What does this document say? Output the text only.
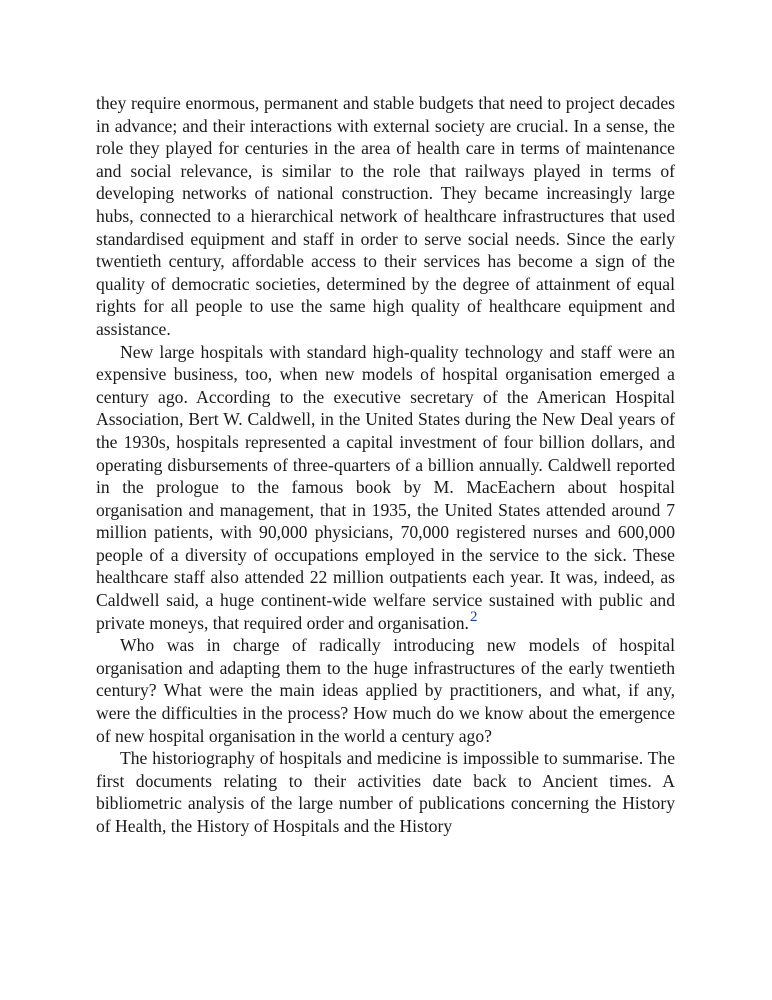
they require enormous, permanent and stable budgets that need to project decades in advance; and their interactions with external society are crucial. In a sense, the role they played for centuries in the area of health care in terms of maintenance and social relevance, is similar to the role that railways played in terms of developing networks of national construction. They became increasingly large hubs, connected to a hierarchical network of healthcare infrastructures that used standardised equipment and staff in order to serve social needs. Since the early twentieth century, affordable access to their services has become a sign of the quality of democratic societies, determined by the degree of attainment of equal rights for all people to use the same high quality of healthcare equipment and assistance.

New large hospitals with standard high-quality technology and staff were an expensive business, too, when new models of hospital organisation emerged a century ago. According to the executive secretary of the American Hospital Association, Bert W. Caldwell, in the United States during the New Deal years of the 1930s, hospitals represented a capital investment of four billion dollars, and operating disbursements of three-quarters of a billion annually. Caldwell reported in the prologue to the famous book by M. MacEachern about hospital organisation and management, that in 1935, the United States attended around 7 million patients, with 90,000 physicians, 70,000 registered nurses and 600,000 people of a diversity of occupations employed in the service to the sick. These healthcare staff also attended 22 million outpatients each year. It was, indeed, as Caldwell said, a huge continent-wide welfare service sustained with public and private moneys, that required order and organisation.$^2$

Who was in charge of radically introducing new models of hospital organisation and adapting them to the huge infrastructures of the early twentieth century? What were the main ideas applied by practitioners, and what, if any, were the difficulties in the process? How much do we know about the emergence of new hospital organisation in the world a century ago?

The historiography of hospitals and medicine is impossible to summarise. The first documents relating to their activities date back to Ancient times. A bibliometric analysis of the large number of publications concerning the History of Health, the History of Hospitals and the History
